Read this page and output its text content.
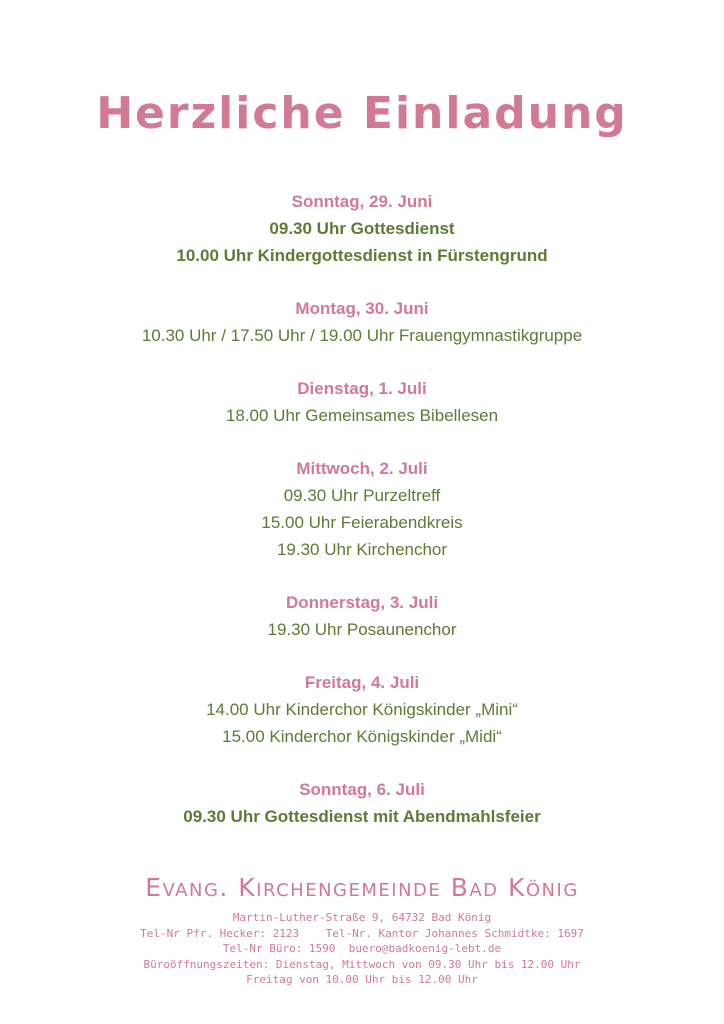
Herzliche Einladung

Sonntag, 29. Juni

09.30 Uhr Gottesdienst

10.00 Uhr Kindergottesdienst in Fürstengrund

Montag, 30. Juni

10.30 Uhr / 17.50 Uhr / 19.00 Uhr Frauengymnastikgruppe

Dienstag, 1. Juli

18.00 Uhr Gemeinsames Bibellesen

Mittwoch, 2. Juli

09.30 Uhr Purzeltreff

15.00 Uhr Feierabendkreis

19.30 Uhr Kirchenchor

Donnerstag, 3. Juli

19.30 Uhr Posaunenchor

Freitag, 4. Juli

14.00 Uhr Kinderchor Königskinder „Mini“

15.00 Kinderchor Königskinder „Midi“

Sonntag, 6. Juli

09.30 Uhr Gottesdienst mit Abendmahlsfeier

Evang. Kirchengemeinde Bad König

Martin-Luther-Straße 9, 64732 Bad König

Tel-Nr Pfr. Hecker: 2123    Tel-Nr. Kantor Johannes Schmidtke: 1697

Tel-Nr Büro: 1590  buero@badkoenig-lebt.de

Büroöffnungszeiten: Dienstag, Mittwoch von 09.30 Uhr bis 12.00 Uhr

Freitag von 10.00 Uhr bis 12.00 Uhr
